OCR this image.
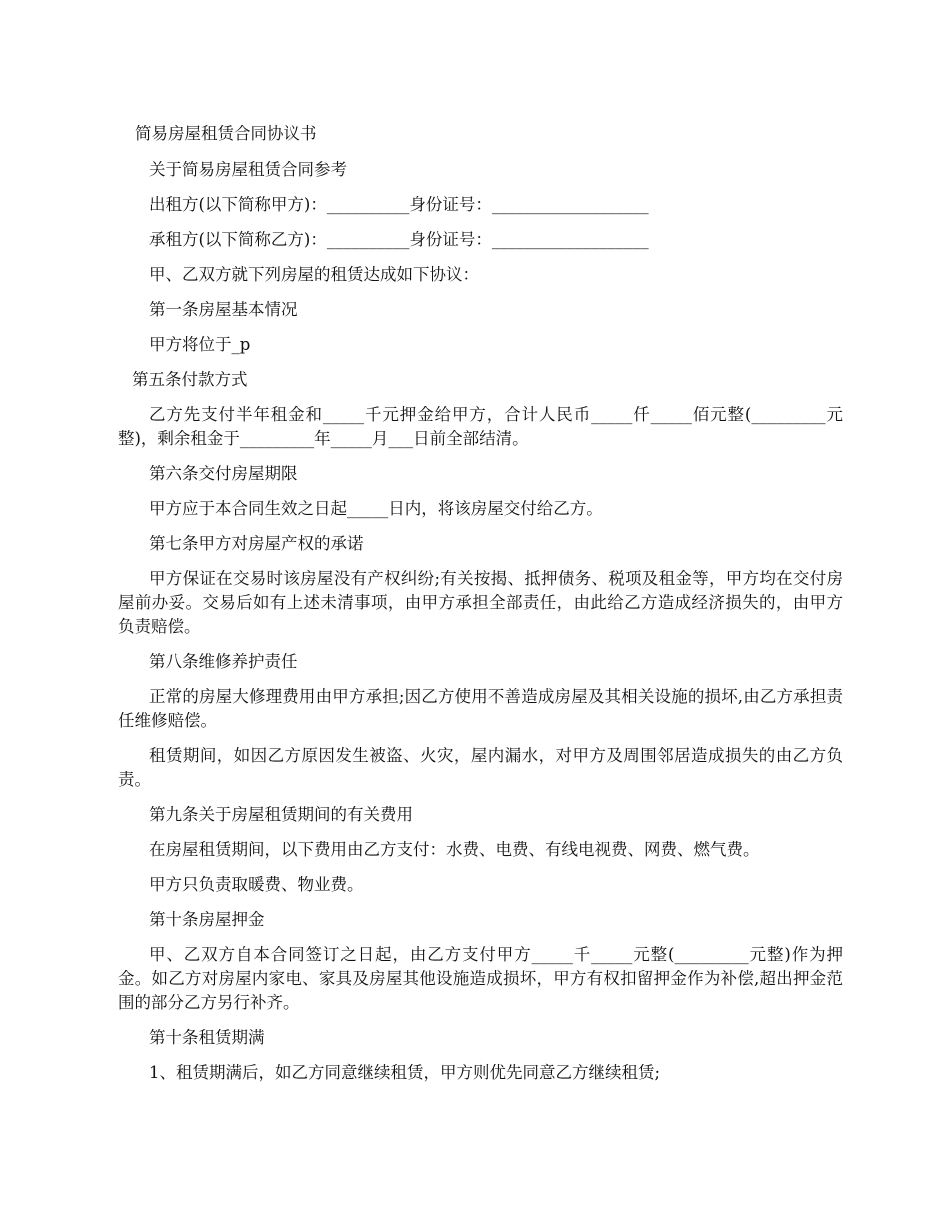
简易房屋租赁合同协议书

关于简易房屋租赁合同参考

出租方(以下简称甲方)：__________身份证号：___________________

承租方(以下简称乙方)：__________身份证号：___________________

甲、乙双方就下列房屋的租赁达成如下协议：

第一条房屋基本情况

甲方将位于_p

第五条付款方式

乙方先支付半年租金和_____千元押金给甲方，合计人民币_____仟_____佰元整(_________元整)，剩余租金于_________年_____月___日前全部结清。

第六条交付房屋期限

甲方应于本合同生效之日起_____日内，将该房屋交付给乙方。

第七条甲方对房屋产权的承诺

甲方保证在交易时该房屋没有产权纠纷;有关按揭、抵押债务、税项及租金等，甲方均在交付房屋前办妥。交易后如有上述未清事项，由甲方承担全部责任，由此给乙方造成经济损失的，由甲方负责赔偿。

第八条维修养护责任

正常的房屋大修理费用由甲方承担;因乙方使用不善造成房屋及其相关设施的损坏,由乙方承担责任维修赔偿。

租赁期间，如因乙方原因发生被盗、火灾，屋内漏水，对甲方及周围邻居造成损失的由乙方负责。

第九条关于房屋租赁期间的有关费用

在房屋租赁期间，以下费用由乙方支付：水费、电费、有线电视费、网费、燃气费。

甲方只负责取暖费、物业费。

第十条房屋押金

甲、乙双方自本合同签订之日起，由乙方支付甲方_____千_____元整(_________元整)作为押金。如乙方对房屋内家电、家具及房屋其他设施造成损坏，甲方有权扣留押金作为补偿,超出押金范围的部分乙方另行补齐。

第十条租赁期满

1、租赁期满后，如乙方同意继续租赁，甲方则优先同意乙方继续租赁;
